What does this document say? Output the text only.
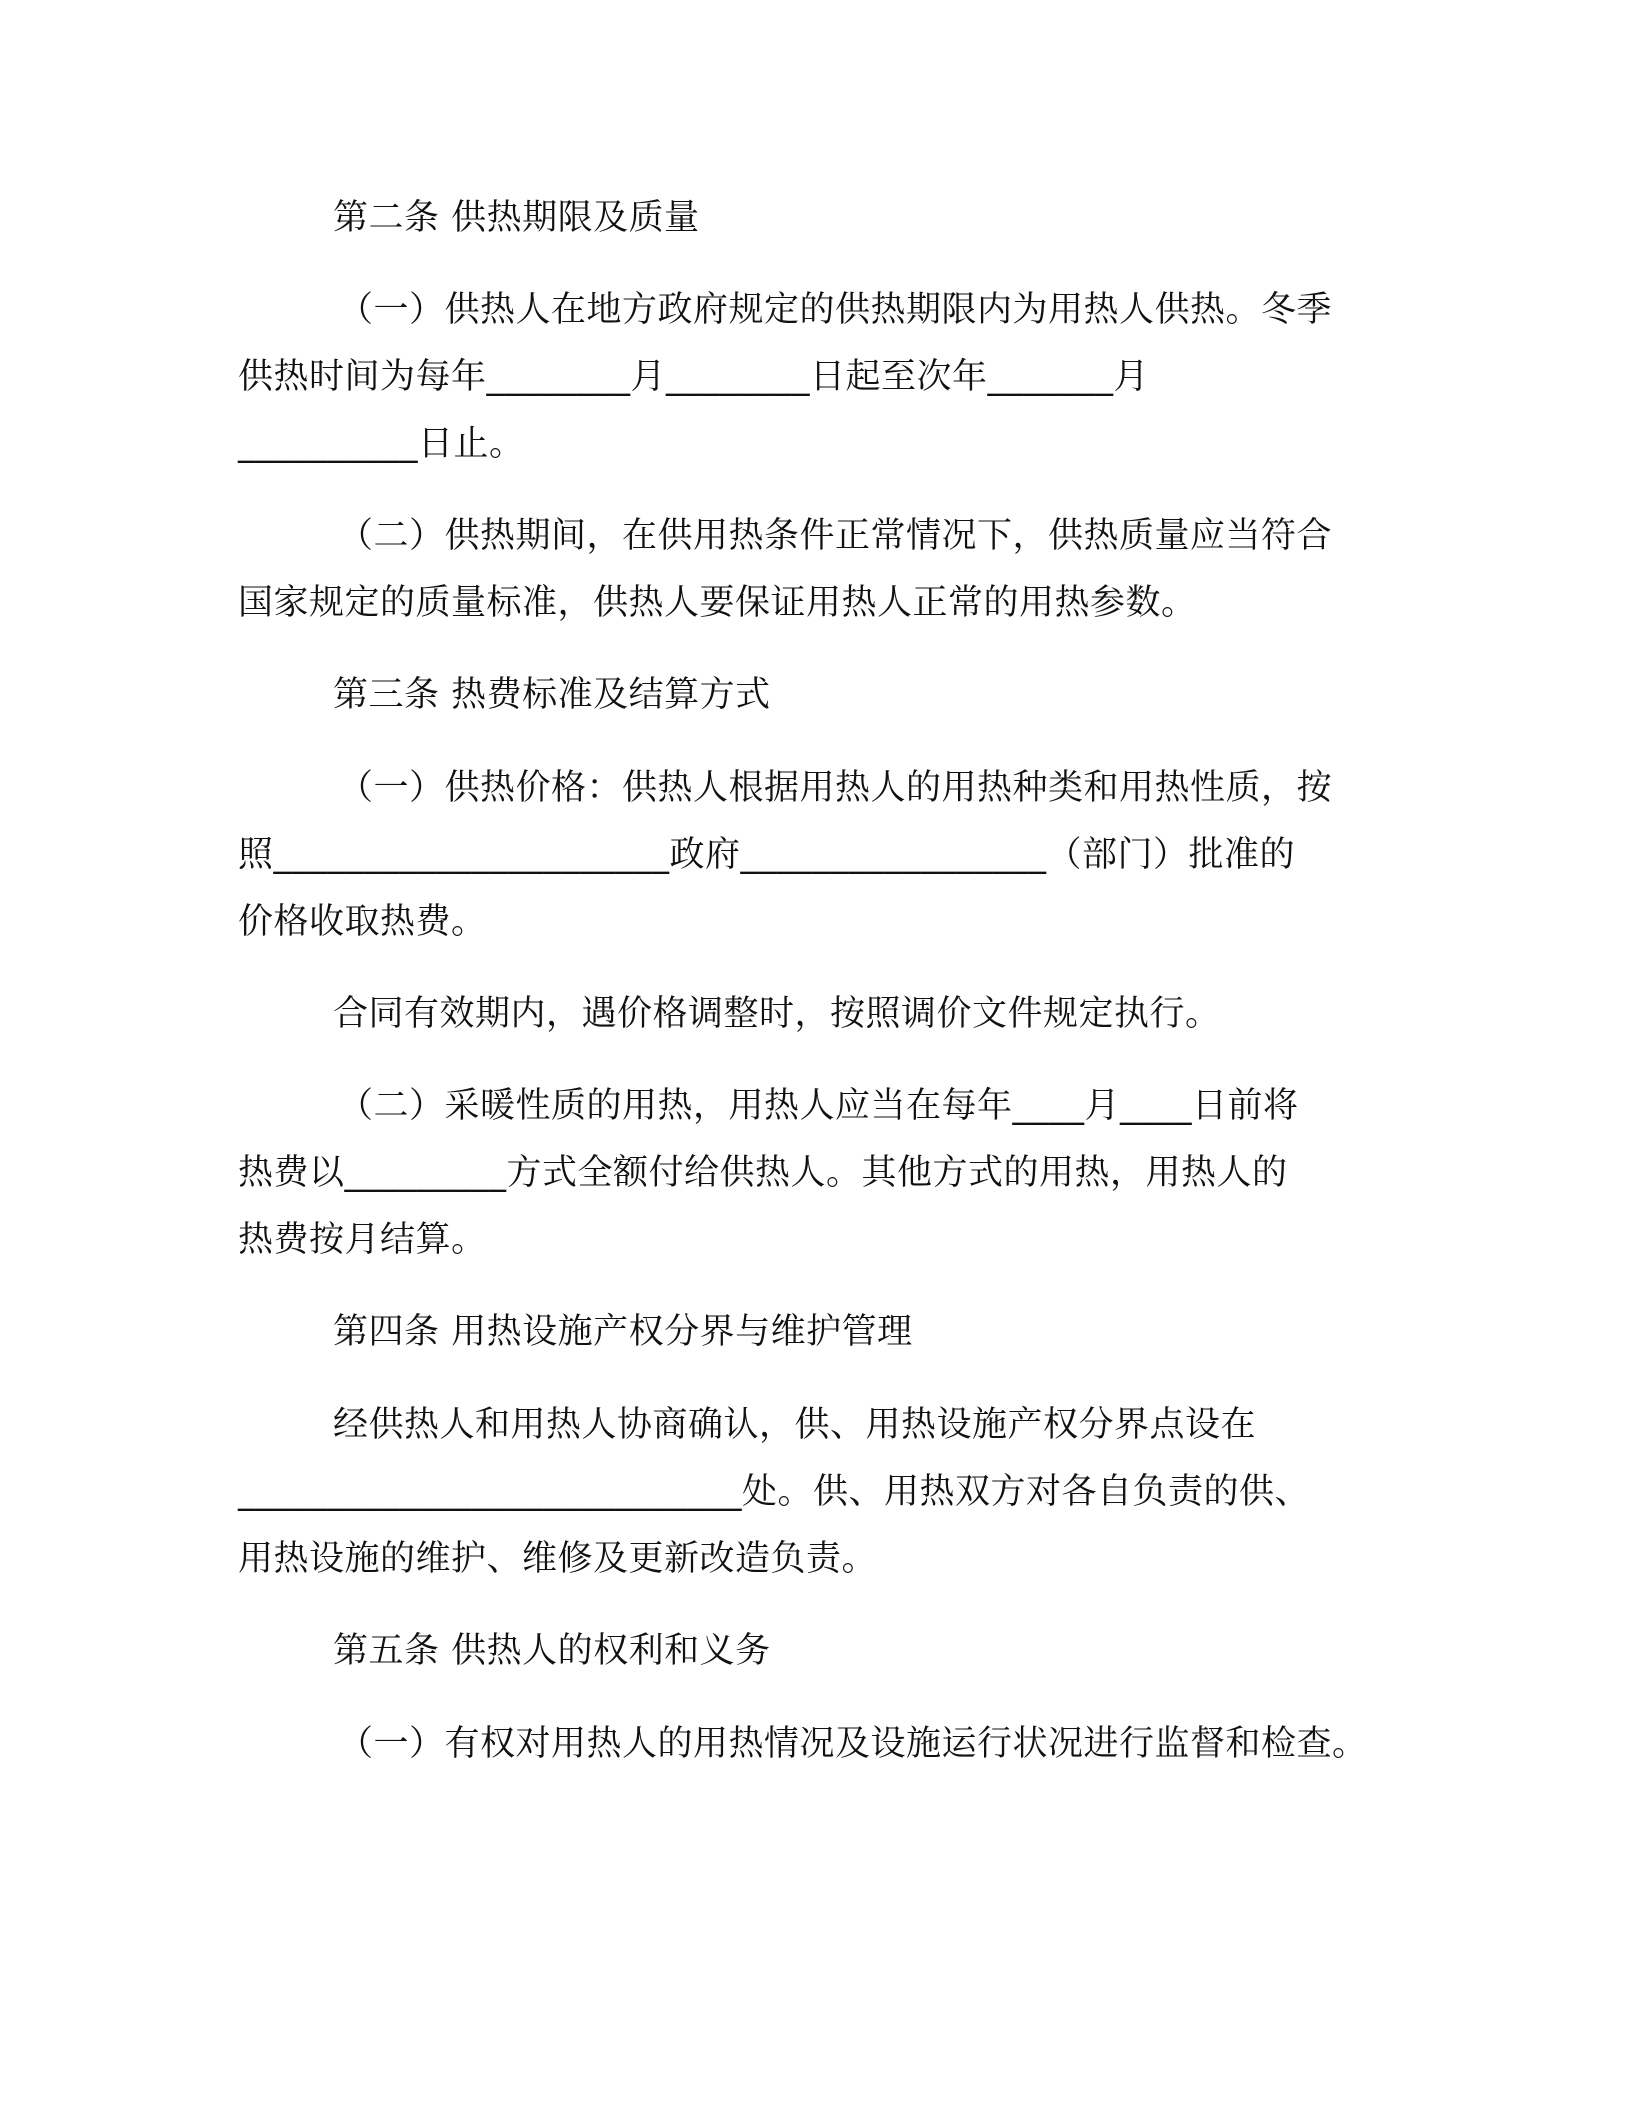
第二条 供热期限及质量
（一）供热人在地方政府规定的供热期限内为用热人供热。冬季
供热时间为每年________月________日起至次年_______月
__________日止。
（二）供热期间，在供用热条件正常情况下，供热质量应当符合
国家规定的质量标准，供热人要保证用热人正常的用热参数。
第三条 热费标准及结算方式
（一）供热价格：供热人根据用热人的用热种类和用热性质，按
照______________________政府_________________（部门）批准的
价格收取热费。
合同有效期内，遇价格调整时，按照调价文件规定执行。
（二）采暖性质的用热，用热人应当在每年____月____日前将
热费以_________方式全额付给供热人。其他方式的用热，用热人的
热费按月结算。
第四条 用热设施产权分界与维护管理
经供热人和用热人协商确认，供、用热设施产权分界点设在
____________________________处。供、用热双方对各自负责的供、
用热设施的维护、维修及更新改造负责。
第五条 供热人的权利和义务
（一）有权对用热人的用热情况及设施运行状况进行监督和检查。
